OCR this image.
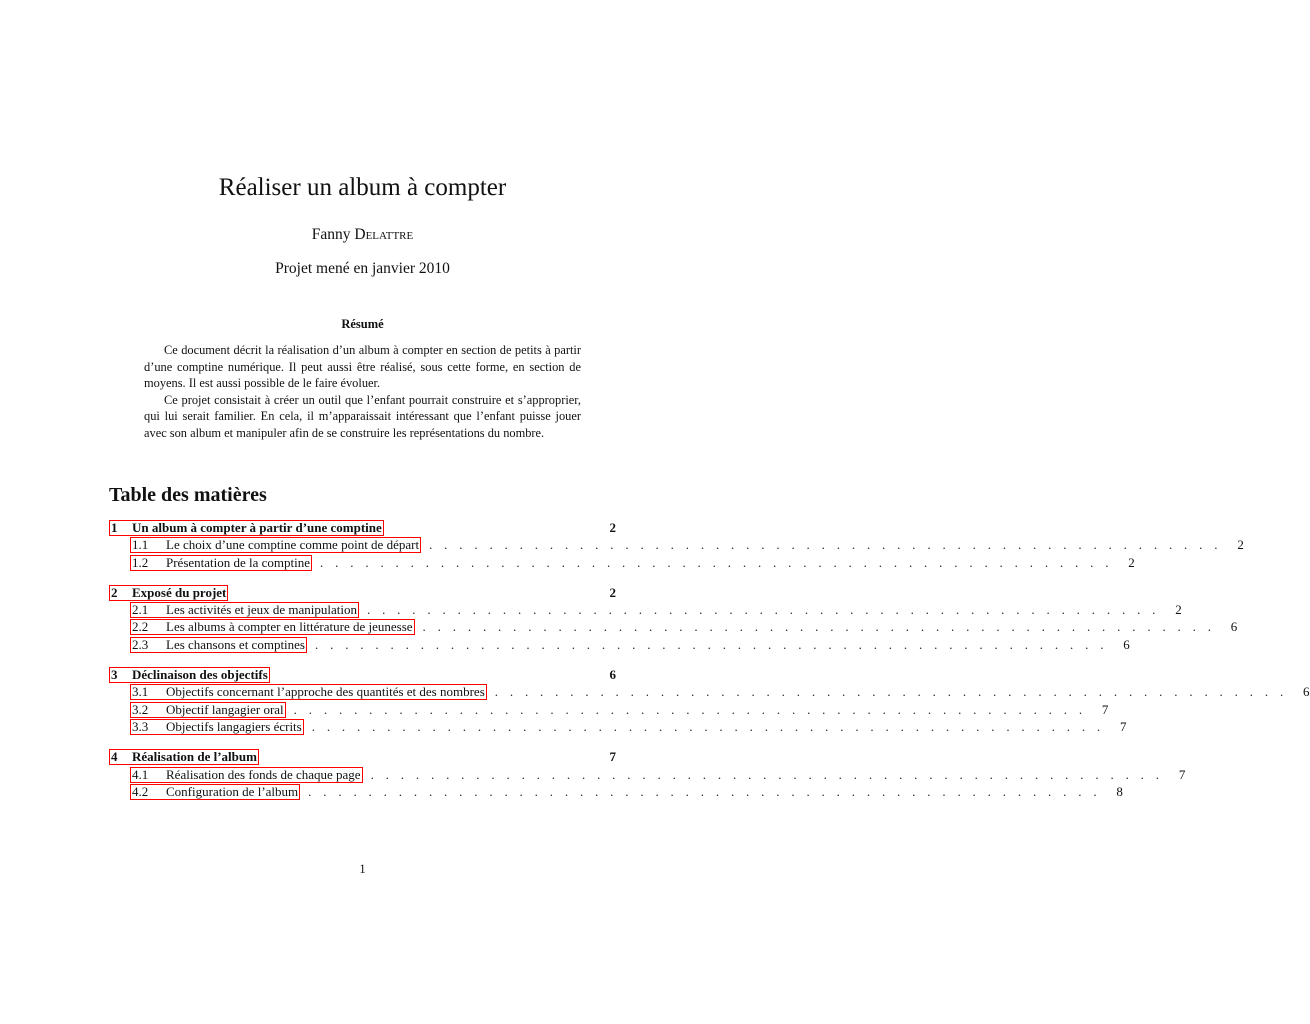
Réaliser un album à compter
Fanny Delattre
Projet mené en janvier 2010
Résumé

Ce document décrit la réalisation d’un album à compter en section de petits à partir d’une comptine numérique. Il peut aussi être réalisé, sous cette forme, en section de moyens. Il est aussi possible de le faire évoluer.

Ce projet consistait à créer un outil que l’enfant pourrait construire et s’approprier, qui lui serait familier. En cela, il m’apparaissait intéressant que l’enfant puisse jouer avec son album et manipuler afin de se construire les représentations du nombre.

Table des matières
1 Un album à compter à partir d’une comptine	2
1.1 Le choix d’une comptine comme point de départ . . . . . . . . . . . . . . . . . . . . . . . . . . . . . . . . . . . . . . . . . . . . . . . . . . . . .	2
1.2 Présentation de la comptine . . . . . . . . . . . . . . . . . . . . . . . . . . . . . . . . . . . . . . . . . . . . . . . . . . . . .	2
2 Exposé du projet	2
2.1 Les activités et jeux de manipulation . . . . . . . . . . . . . . . . . . . . . . . . . . . . . . . . . . . . . . . . . . . . . . . . . . . . .	2
2.2 Les albums à compter en littérature de jeunesse . . . . . . . . . . . . . . . . . . . . . . . . . . . . . . . . . . . . . . . . . . . . . . . . . . . . .	6
2.3 Les chansons et comptines . . . . . . . . . . . . . . . . . . . . . . . . . . . . . . . . . . . . . . . . . . . . . . . . . . . . .	6
3 Déclinaison des objectifs	6
3.1 Objectifs concernant l’approche des quantités et des nombres . . . . . . . . . . . . . . . . . . . . . . . . . . . . . . . . . . . . . . . . . . . . . . . . . . . . .	6
3.2 Objectif langagier oral . . . . . . . . . . . . . . . . . . . . . . . . . . . . . . . . . . . . . . . . . . . . . . . . . . . . .	7
3.3 Objectifs langagiers écrits . . . . . . . . . . . . . . . . . . . . . . . . . . . . . . . . . . . . . . . . . . . . . . . . . . . . .	7
4 Réalisation de l’album	7
4.1 Réalisation des fonds de chaque page . . . . . . . . . . . . . . . . . . . . . . . . . . . . . . . . . . . . . . . . . . . . . . . . . . . . .	7
4.2 Configuration de l’album . . . . . . . . . . . . . . . . . . . . . . . . . . . . . . . . . . . . . . . . . . . . . . . . . . . . .	8
1
